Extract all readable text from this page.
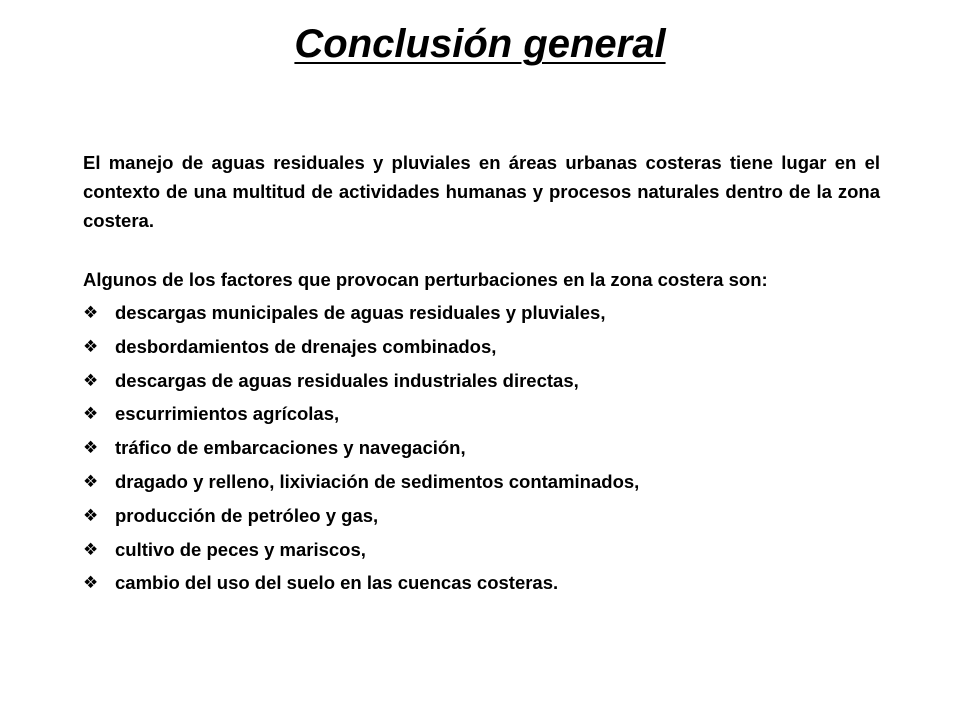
Conclusión general

El manejo de aguas residuales y pluviales en áreas urbanas costeras tiene lugar en el contexto de una multitud de actividades humanas y procesos naturales dentro de la zona costera.

Algunos de los factores que provocan perturbaciones en la zona costera son:

❖ descargas municipales de aguas residuales y pluviales,
❖ desbordamientos de drenajes combinados,
❖ descargas de aguas residuales industriales directas,
❖ escurrimientos agrícolas,
❖ tráfico de embarcaciones y navegación,
❖ dragado y relleno, lixiviación de sedimentos contaminados,
❖ producción de petróleo y gas,
❖ cultivo de peces y mariscos,
❖ cambio del uso del suelo en las cuencas costeras.
